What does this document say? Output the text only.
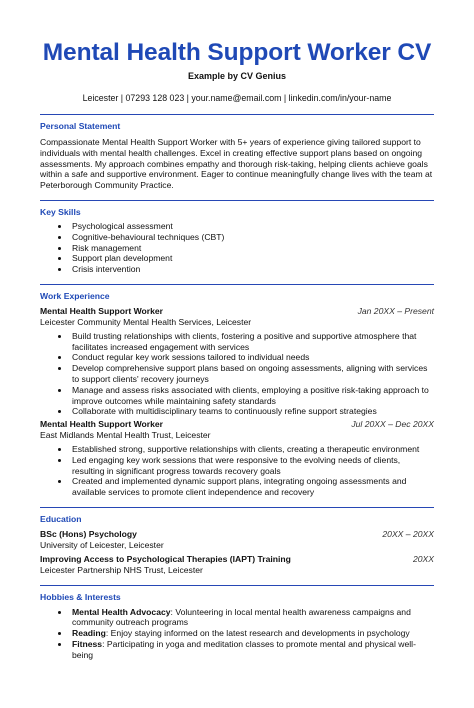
Mental Health Support Worker CV
Example by CV Genius
Leicester | 07293 128 023 | your.name@email.com | linkedin.com/in/your-name
Personal Statement
Compassionate Mental Health Support Worker with 5+ years of experience giving tailored support to individuals with mental health challenges. Excel in creating effective support plans based on ongoing assessments. My approach combines empathy and thorough risk-taking, helping clients achieve goals within a safe and supportive environment. Eager to continue meaningfully change lives with the team at Peterborough Community Practice.
Key Skills
• Psychological assessment
• Cognitive-behavioural techniques (CBT)
• Risk management
• Support plan development
• Crisis intervention
Work Experience
Mental Health Support Worker	Jan 20XX – Present
Leicester Community Mental Health Services, Leicester
• Build trusting relationships with clients, fostering a positive and supportive atmosphere that facilitates increased engagement with services
• Conduct regular key work sessions tailored to individual needs
• Develop comprehensive support plans based on ongoing assessments, aligning with services to support clients' recovery journeys
• Manage and assess risks associated with clients, employing a positive risk-taking approach to improve outcomes while maintaining safety standards
• Collaborate with multidisciplinary teams to continuously refine support strategies
Mental Health Support Worker	Jul 20XX – Dec 20XX
East Midlands Mental Health Trust, Leicester
• Established strong, supportive relationships with clients, creating a therapeutic environment
• Led engaging key work sessions that were responsive to the evolving needs of clients, resulting in significant progress towards recovery goals
• Created and implemented dynamic support plans, integrating ongoing assessments and available services to promote client independence and recovery
Education
BSc (Hons) Psychology	20XX – 20XX
University of Leicester, Leicester
Improving Access to Psychological Therapies (IAPT) Training	20XX
Leicester Partnership NHS Trust, Leicester
Hobbies & Interests
• Mental Health Advocacy: Volunteering in local mental health awareness campaigns and community outreach programs
• Reading: Enjoy staying informed on the latest research and developments in psychology
• Fitness: Participating in yoga and meditation classes to promote mental and physical well-being
